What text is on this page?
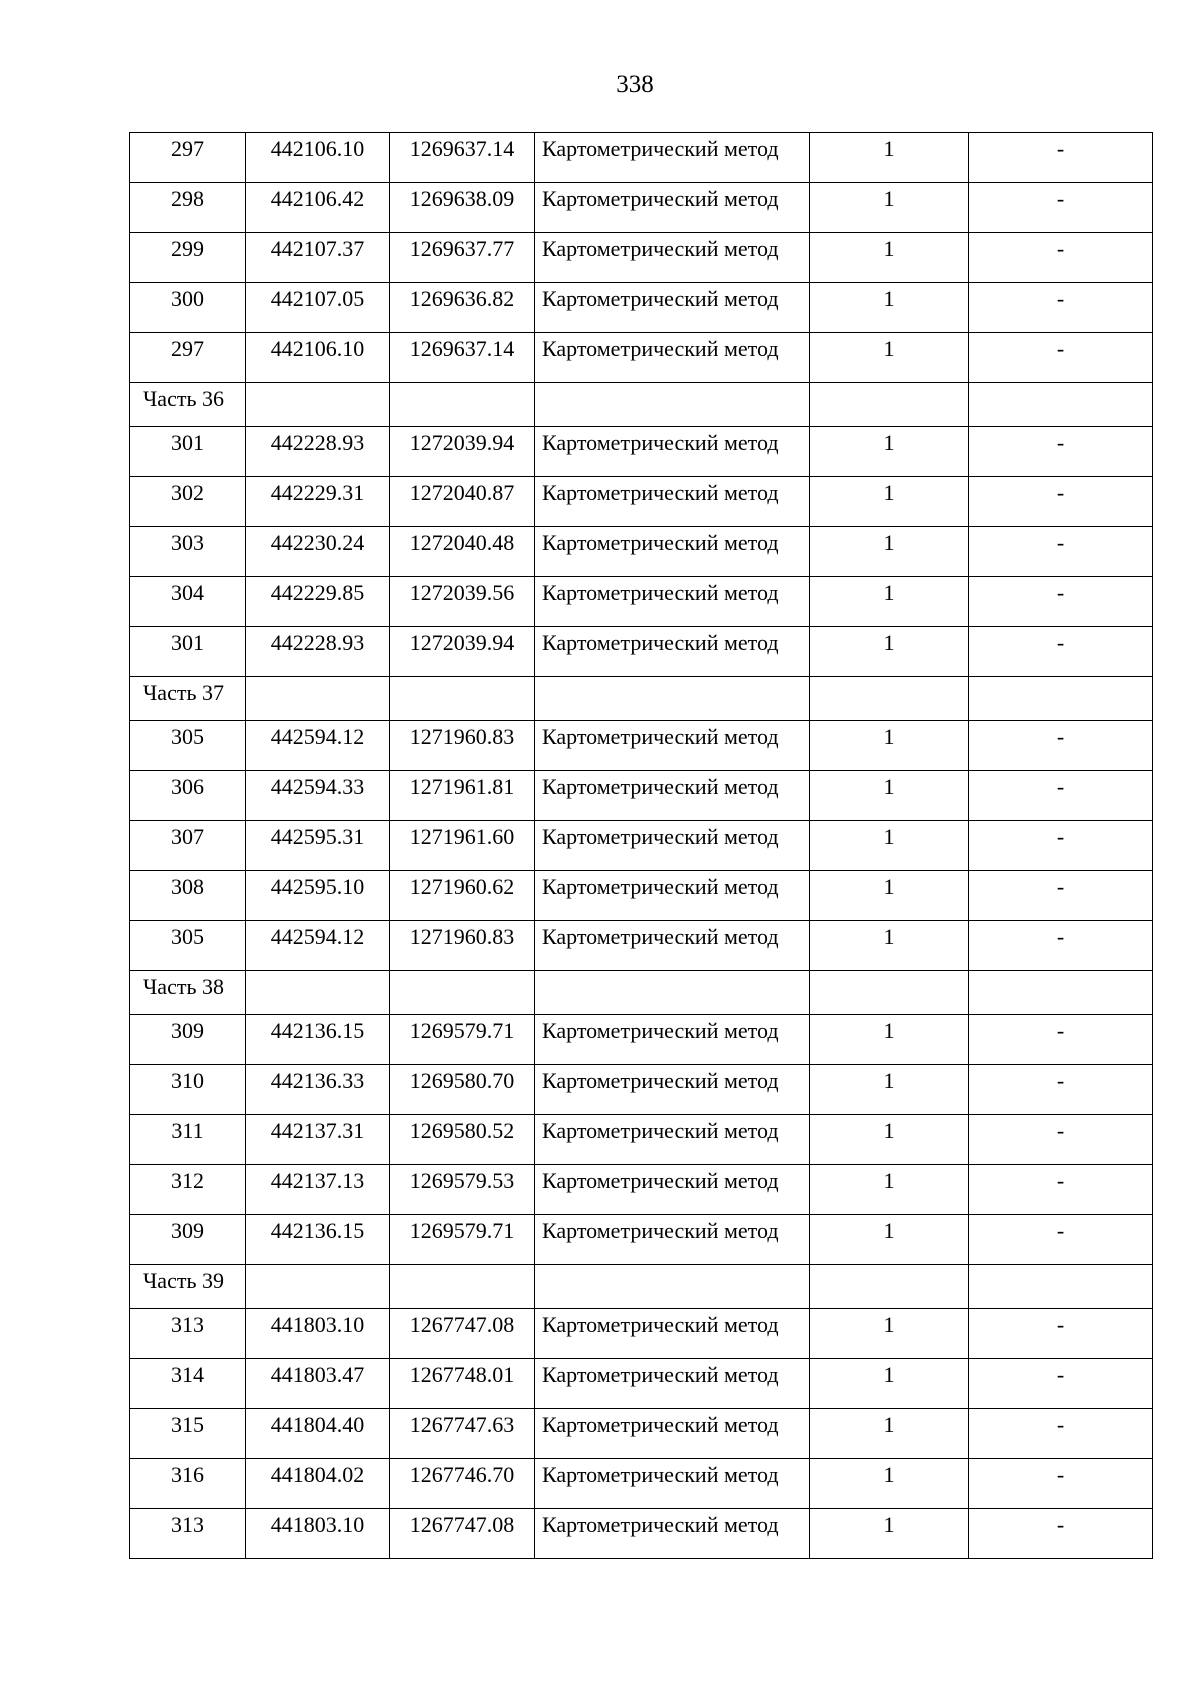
338
297	442106.10	1269637.14	Картометрический метод	1	-
298	442106.42	1269638.09	Картометрический метод	1	-
299	442107.37	1269637.77	Картометрический метод	1	-
300	442107.05	1269636.82	Картометрический метод	1	-
297	442106.10	1269637.14	Картометрический метод	1	-
Часть 36					
301	442228.93	1272039.94	Картометрический метод	1	-
302	442229.31	1272040.87	Картометрический метод	1	-
303	442230.24	1272040.48	Картометрический метод	1	-
304	442229.85	1272039.56	Картометрический метод	1	-
301	442228.93	1272039.94	Картометрический метод	1	-
Часть 37					
305	442594.12	1271960.83	Картометрический метод	1	-
306	442594.33	1271961.81	Картометрический метод	1	-
307	442595.31	1271961.60	Картометрический метод	1	-
308	442595.10	1271960.62	Картометрический метод	1	-
305	442594.12	1271960.83	Картометрический метод	1	-
Часть 38					
309	442136.15	1269579.71	Картометрический метод	1	-
310	442136.33	1269580.70	Картометрический метод	1	-
311	442137.31	1269580.52	Картометрический метод	1	-
312	442137.13	1269579.53	Картометрический метод	1	-
309	442136.15	1269579.71	Картометрический метод	1	-
Часть 39					
313	441803.10	1267747.08	Картометрический метод	1	-
314	441803.47	1267748.01	Картометрический метод	1	-
315	441804.40	1267747.63	Картометрический метод	1	-
316	441804.02	1267746.70	Картометрический метод	1	-
313	441803.10	1267747.08	Картометрический метод	1	-
